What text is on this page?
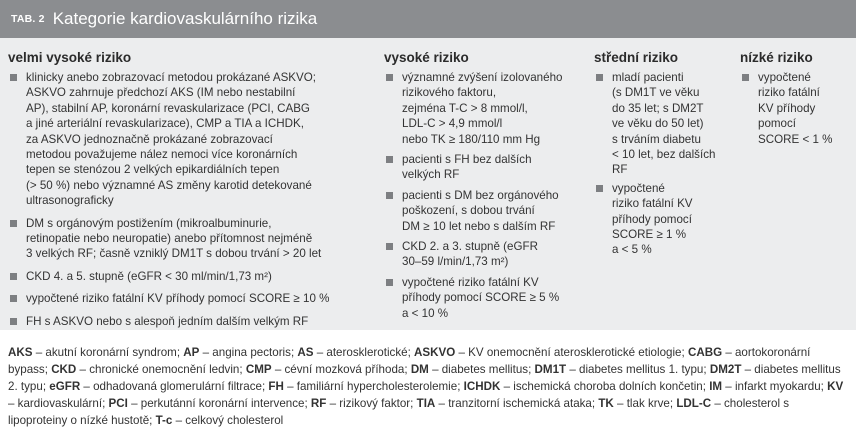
TAB. 2 Kategorie kardiovaskulárního rizika
velmi vysoké riziko
klinicky anebo zobrazovací metodou prokázané ASKVO;
ASKVO zahrnuje předchozí AKS (IM nebo nestabilní
AP), stabilní AP, koronární revaskularizace (PCI, CABG
a jiné arteriální revaskularizace), CMP a TIA a ICHDK,
za ASKVO jednoznačně prokázané zobrazovací
metodou považujeme nález nemoci více koronárních
tepen se stenózou 2 velkých epikardiálních tepen
(> 50 %) nebo významné AS změny karotid detekované
ultrasonograficky
DM s orgánovým postižením (mikroalbuminurie,
retinopatie nebo neuropatie) anebo přítomnost nejméně
3 velkých RF; časně vzniklý DM1T s dobou trvání > 20 let
CKD 4. a 5. stupně (eGFR < 30 ml/min/1,73 m²)
vypočtené riziko fatální KV příhody pomocí SCORE ≥ 10 %
FH s ASKVO nebo s alespoň jedním dalším velkým RF
vysoké riziko
významné zvýšení izolovaného
rizikového faktoru,
zejména T-C > 8 mmol/l,
LDL-C > 4,9 mmol/l
nebo TK ≥ 180/110 mm Hg
pacienti s FH bez dalších
velkých RF
pacienti s DM bez orgánového
poškození, s dobou trvání
DM ≥ 10 let nebo s dalším RF
CKD 2. a 3. stupně (eGFR
30–59 l/min/1,73 m²)
vypočtené riziko fatální KV
příhody pomocí SCORE ≥ 5 %
a < 10 %
střední riziko
mladí pacienti
(s DM1T ve věku
do 35 let; s DM2T
ve věku do 50 let)
s trváním diabetu
< 10 let, bez dalších
RF
vypočtené
riziko fatální KV
příhody pomocí
SCORE ≥ 1 %
a < 5 %
nízké riziko
vypočtené
riziko fatální
KV příhody
pomocí
SCORE < 1 %
AKS – akutní koronární syndrom; AP – angina pectoris; AS – aterosklerotické; ASKVO – KV onemocnění aterosklerotické etiologie; CABG – aortokoronární bypass; CKD – chronické onemocnění ledvin; CMP – cévní mozková příhoda; DM – diabetes mellitus; DM1T – diabetes mellitus 1. typu; DM2T – diabetes mellitus 2. typu; eGFR – odhadovaná glomerulární filtrace; FH – familiární hypercholesterolemie; ICHDK – ischemická choroba dolních končetin; IM – infarkt myokardu; KV – kardiovaskulární; PCI – perkutánní koronární intervence; RF – rizikový faktor; TIA – tranzitorní ischemická ataka; TK – tlak krve; LDL-C – cholesterol s lipoproteiny o nízké hustotě; T-c – celkový cholesterol
